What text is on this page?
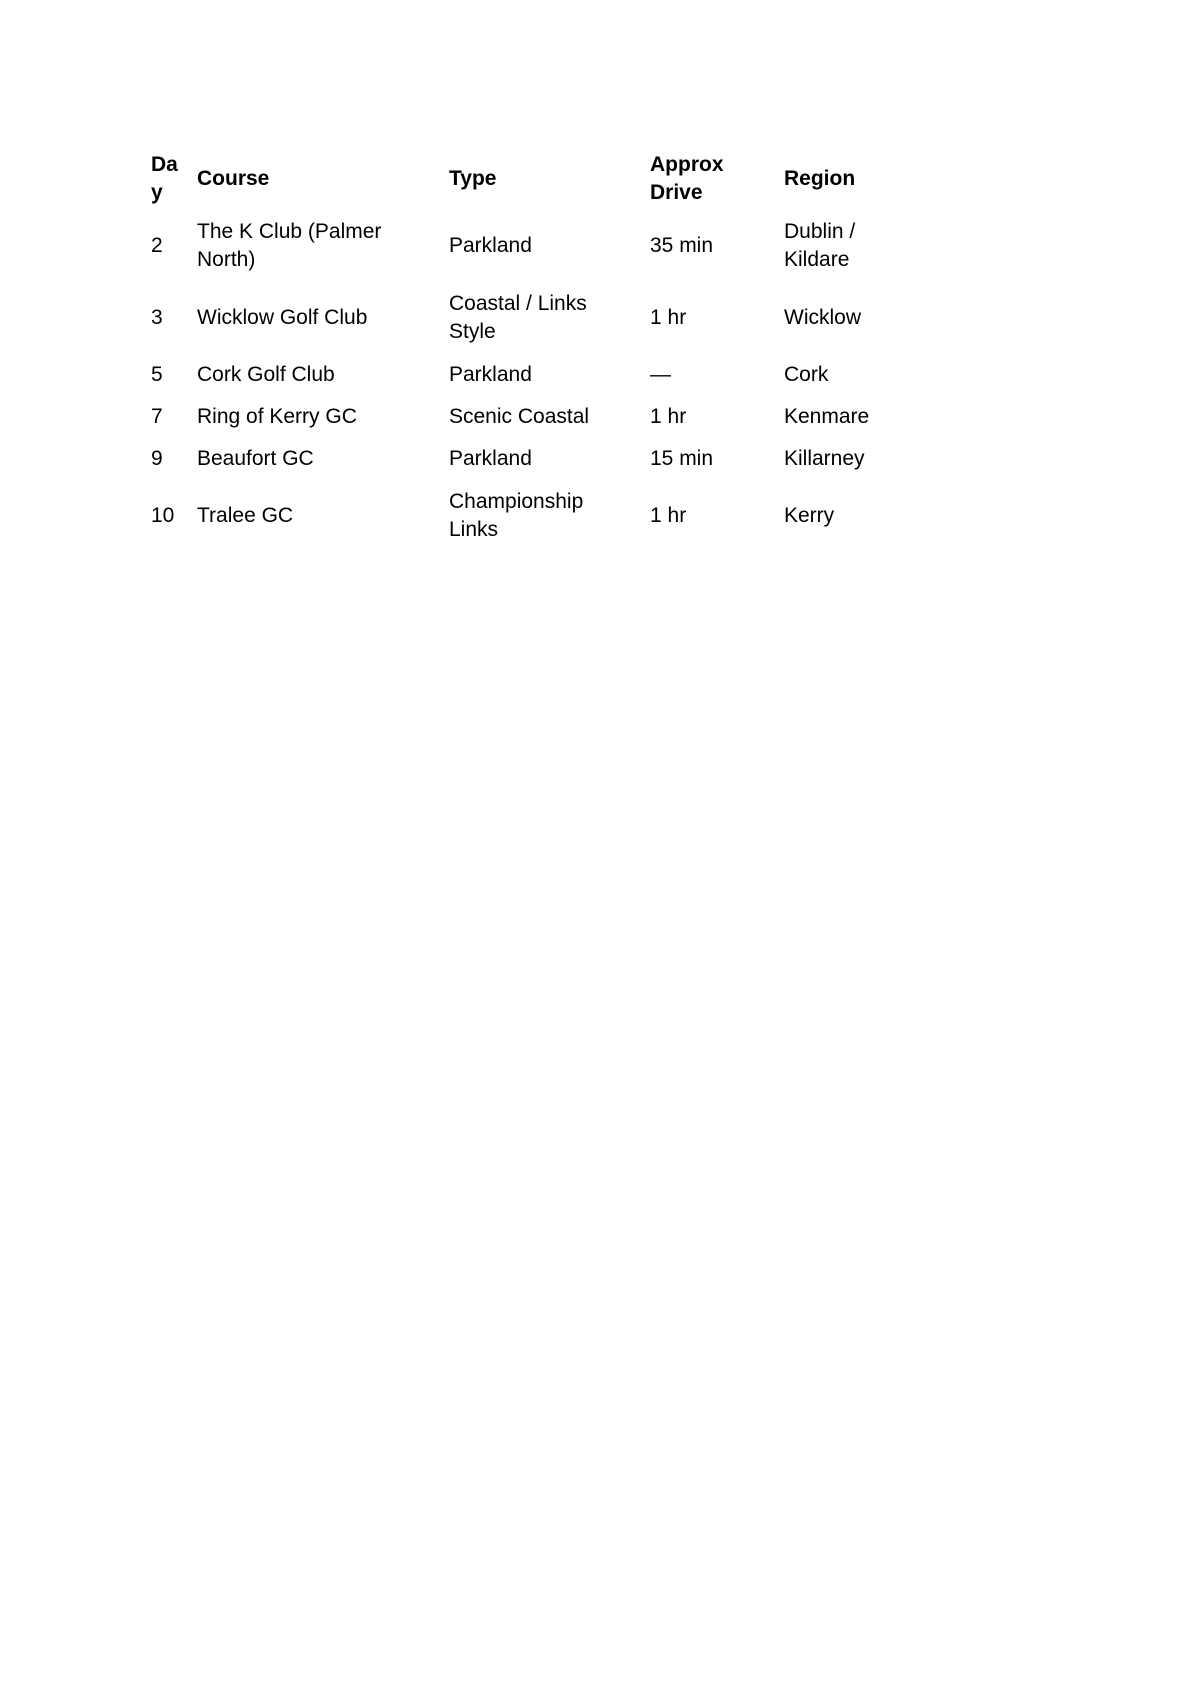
Day	Course	Type	Approx Drive	Region

2	The K Club (Palmer North)	Parkland	35 min	Dublin / Kildare

3	Wicklow Golf Club	Coastal / Links Style	1 hr	Wicklow

5	Cork Golf Club	Parkland	—	Cork

7	Ring of Kerry GC	Scenic Coastal	1 hr	Kenmare

9	Beaufort GC	Parkland	15 min	Killarney

10	Tralee GC	Championship Links	1 hr	Kerry
